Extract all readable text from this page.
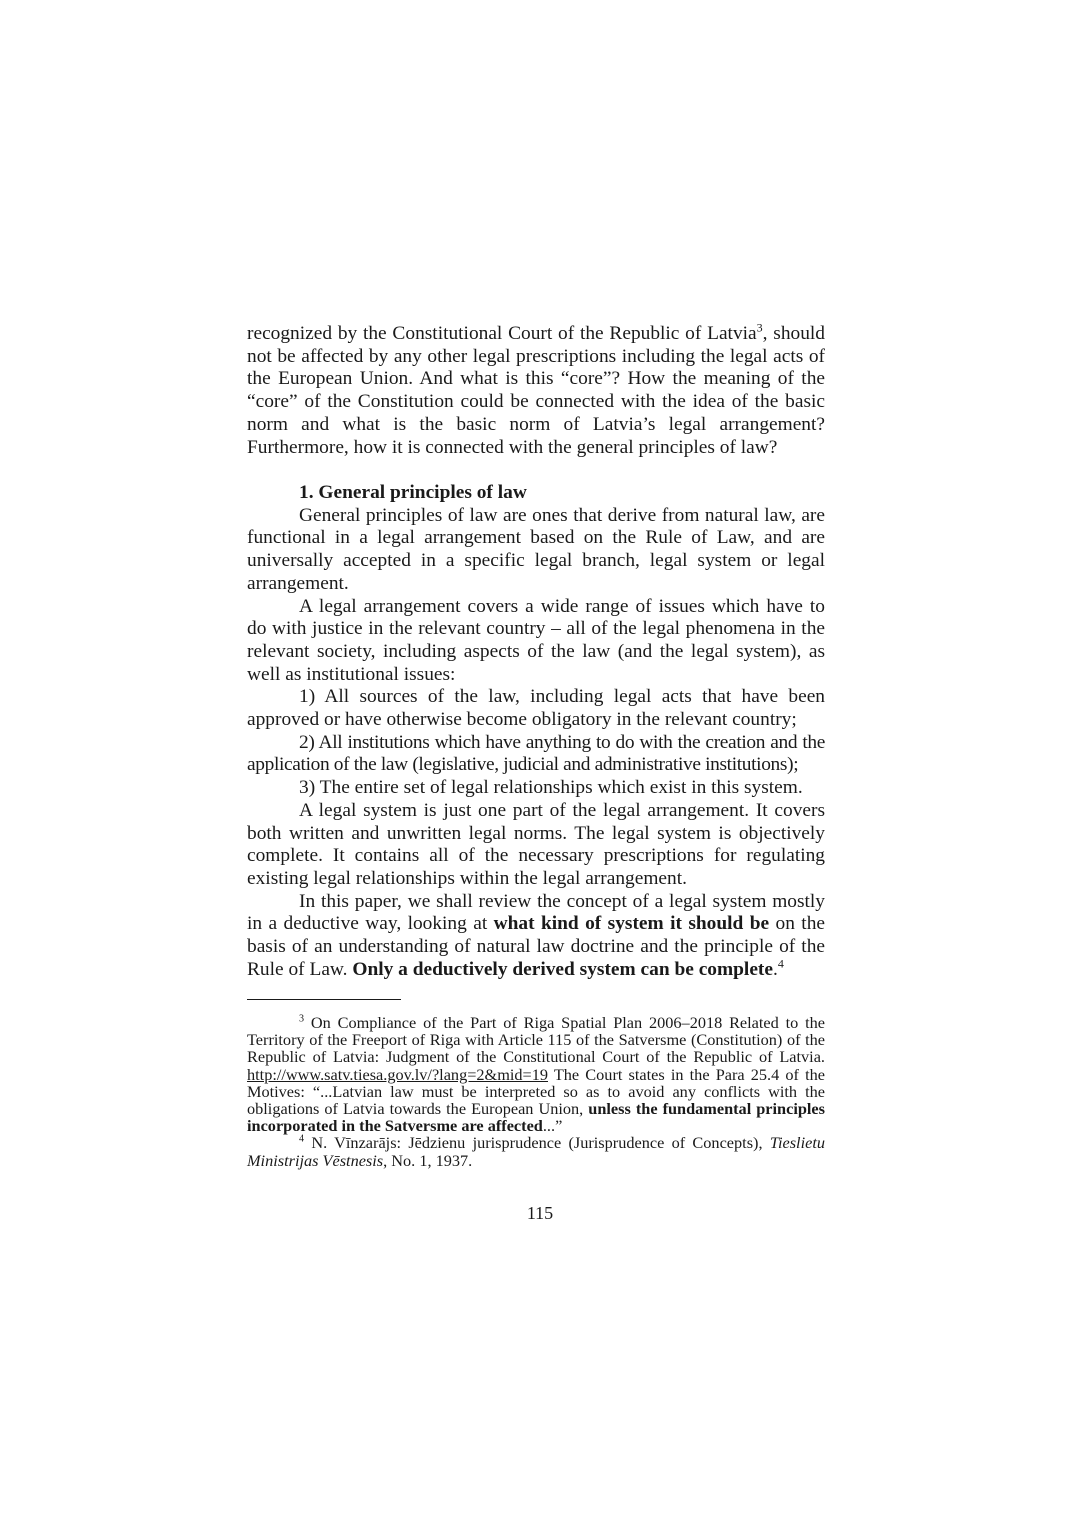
recognized by the Constitutional Court of the Republic of Latvia$^3$, should not be affected by any other legal prescriptions including the legal acts of the European Union. And what is this “core”? How the meaning of the “core” of the Constitution could be connected with the idea of the basic norm and what is the basic norm of Latvia’s legal arrangement? Furthermore, how it is connected with the general principles of law?

1. General principles of law

General principles of law are ones that derive from natural law, are functional in a legal arrangement based on the Rule of Law, and are universally accepted in a specific legal branch, legal system or legal arrangement.

A legal arrangement covers a wide range of issues which have to do with justice in the relevant country – all of the legal phenomena in the relevant society, including aspects of the law (and the legal system), as well as institutional issues:

1) All sources of the law, including legal acts that have been approved or have otherwise become obligatory in the relevant country;

2) All institutions which have anything to do with the creation and the application of the law (legislative, judicial and administrative institutions);

3) The entire set of legal relationships which exist in this system.

A legal system is just one part of the legal arrangement. It covers both written and unwritten legal norms. The legal system is objectively complete. It contains all of the necessary prescriptions for regulating existing legal relationships within the legal arrangement.

In this paper, we shall review the concept of a legal system mostly in a deductive way, looking at what kind of system it should be on the basis of an understanding of natural law doctrine and the principle of the Rule of Law. Only a deductively derived system can be complete.$^4$

$^3$ On Compliance of the Part of Riga Spatial Plan 2006–2018 Related to the Territory of the Freeport of Riga with Article 115 of the Satversme (Constitution) of the Republic of Latvia: Judgment of the Constitutional Court of the Republic of Latvia. http://www.satv.tiesa.gov.lv/?lang=2&mid=19 The Court states in the Para 25.4 of the Motives: “...Latvian law must be interpreted so as to avoid any conflicts with the obligations of Latvia towards the European Union, unless the fundamental principles incorporated in the Satversme are affected...”

$^4$ N. Vīnzarājs: Jēdzienu jurisprudence (Jurisprudence of Concepts), Tieslietu Ministrijas Vēstnesis, No. 1, 1937.

115
